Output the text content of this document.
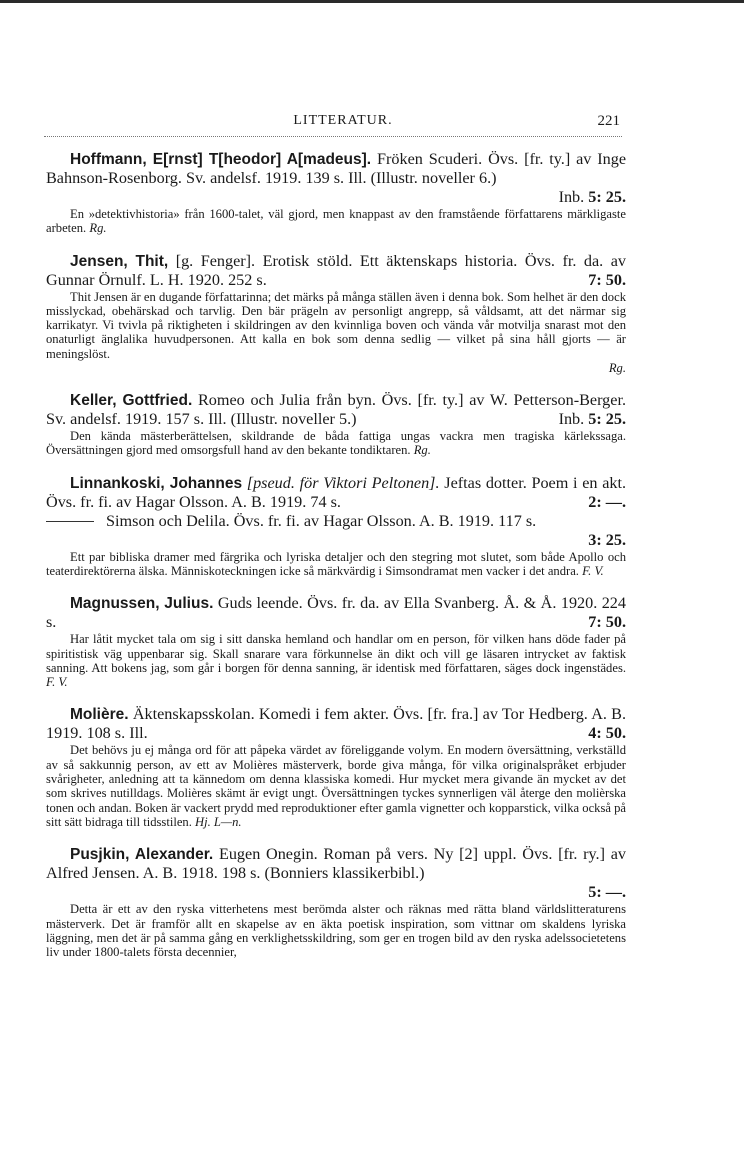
LITTERATUR.	221

Hoffmann, E[rnst] T[heodor] A[madeus]. Fröken Scuderi. Övs. [fr. ty.] av Inge Bahnson-Rosenborg. Sv. andelsf. 1919. 139 s. Ill. (Illustr. noveller 6.)

Inb. 5: 25.

En »detektivhistoria» från 1600-talet, väl gjord, men knappast av den framstående författarens märkligaste arbeten. Rg.

Jensen, Thit, [g. Fenger]. Erotisk stöld. Ett äktenskaps historia. Övs. fr. da. av Gunnar Örnulf. L. H. 1920. 252 s.	7: 50.

Thit Jensen är en dugande författarinna; det märks på många ställen även i denna bok. Som helhet är den dock misslyckad, obehärskad och tarvlig. Den bär prägeln av personligt angrepp, så våldsamt, att det närmar sig karrikatyr. Vi tvivla på riktigheten i skildringen av den kvinnliga boven och vända vår motvilja snarast mot den onaturligt änglalika huvudpersonen. Att kalla en bok som denna sedlig — vilket på sina håll gjorts — är meningslöst.

Rg.

Keller, Gottfried. Romeo och Julia från byn. Övs. [fr. ty.] av W. Petterson-Berger. Sv. andelsf. 1919. 157 s. Ill. (Illustr. noveller 5.)	Inb. 5: 25.

Den kända mästerberättelsen, skildrande de båda fattiga ungas vackra men tragiska kärlekssaga. Översättningen gjord med omsorgsfull hand av den bekante tondiktaren. Rg.

Linnankoski, Johannes [pseud. för Viktori Peltonen]. Jeftas dotter. Poem i en akt. Övs. fr. fi. av Hagar Olsson. A. B. 1919. 74 s.	2: —.

Simson och Delila. Övs. fr. fi. av Hagar Olsson. A. B. 1919. 117 s.

3: 25.

Ett par bibliska dramer med färgrika och lyriska detaljer och den stegring mot slutet, som både Apollo och teaterdirektörerna älska. Människoteckningen icke så märkvärdig i Simsondramat men vacker i det andra. F. V.

Magnussen, Julius. Guds leende. Övs. fr. da. av Ella Svanberg. Å. & Å. 1920. 224 s.	7: 50.

Har låtit mycket tala om sig i sitt danska hemland och handlar om en person, för vilken hans döde fader på spiritistisk väg uppenbarar sig. Skall snarare vara förkunnelse än dikt och vill ge läsaren intrycket av faktisk sanning. Att bokens jag, som går i borgen för denna sanning, är identisk med författaren, säges dock ingenstädes. F. V.

Molière. Äktenskapsskolan. Komedi i fem akter. Övs. [fr. fra.] av Tor Hedberg. A. B. 1919. 108 s. Ill.	4: 50.

Det behövs ju ej många ord för att påpeka värdet av föreliggande volym. En modern översättning, verkställd av så sakkunnig person, av ett av Molières mästerverk, borde giva många, för vilka originalspråket erbjuder svårigheter, anledning att ta kännedom om denna klassiska komedi. Hur mycket mera givande än mycket av det som skrives nutilldags. Molières skämt är evigt ungt. Översättningen tyckes synnerligen väl återge den molièrska tonen och andan. Boken är vackert prydd med reproduktioner efter gamla vignetter och kopparstick, vilka också på sitt sätt bidraga till tidsstilen. Hj. L—n.

Pusjkin, Alexander. Eugen Onegin. Roman på vers. Ny [2] uppl. Övs. [fr. ry.] av Alfred Jensen. A. B. 1918. 198 s. (Bonniers klassikerbibl.)

5: —.

Detta är ett av den ryska vitterhetens mest berömda alster och räknas med rätta bland världslitteraturens mästerverk. Det är framför allt en skapelse av en äkta poetisk inspiration, som vittnar om skaldens lyriska läggning, men det är på samma gång en verklighetsskildring, som ger en trogen bild av den ryska adelssocietetens liv under 1800-talets första decennier,
